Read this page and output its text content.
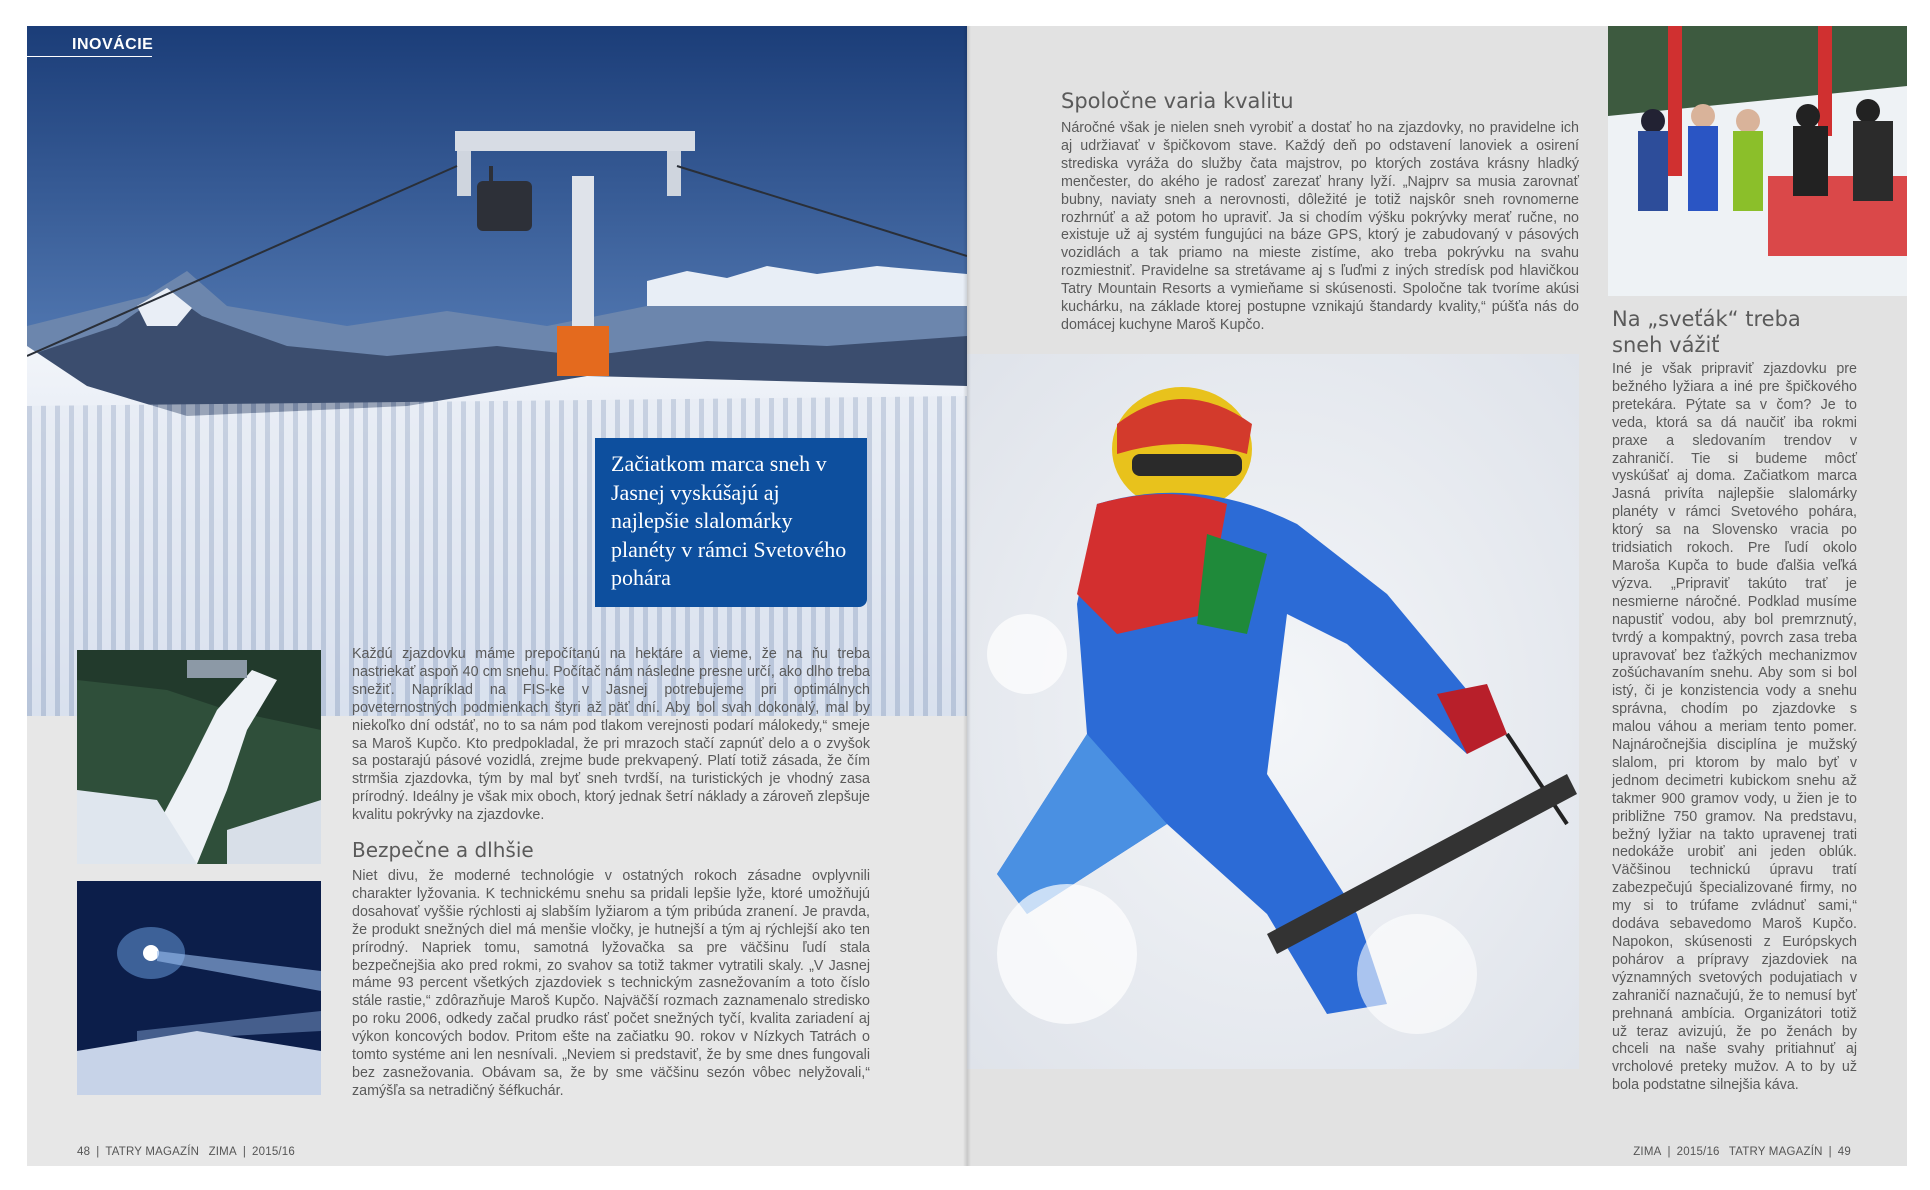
INOVÁCIE
Začiatkom marca sneh v Jasnej vyskúšajú aj najlepšie slalomárky planéty v rámci Svetového pohára

Každú zjazdovku máme prepočítanú na hektáre a vieme, že na ňu treba nastriekať aspoň 40 cm snehu. Počítač nám následne presne určí, ako dlho treba snežiť. Napríklad na FIS-ke v Jasnej potrebujeme pri optimálnych poveternostných podmienkach štyri až päť dní. Aby bol svah dokonalý, mal by niekoľko dní odstáť, no to sa nám pod tlakom verejnosti podarí málokedy,“ smeje sa Maroš Kupčo. Kto predpokladal, že pri mrazoch stačí zapnúť delo a o zvyšok sa postarajú pásové vozidlá, zrejme bude prekvapený. Platí totiž zásada, že čím strmšia zjazdovka, tým by mal byť sneh tvrdší, na turistických je vhodný zasa prírodný. Ideálny je však mix oboch, ktorý jednak šetrí náklady a zároveň zlepšuje kvalitu pokrývky na zjazdovke.

Bezpečne a dlhšie

Niet divu, že moderné technológie v ostatných rokoch zásadne ovplyvnili charakter lyžovania. K technickému snehu sa pridali lepšie lyže, ktoré umožňujú dosahovať vyššie rýchlosti aj slabším lyžiarom a tým pribúda zranení. Je pravda, že produkt snežných diel má menšie vločky, je hutnejší a tým aj rýchlejší ako ten prírodný. Napriek tomu, samotná lyžovačka sa pre väčšinu ľudí stala bezpečnejšia ako pred rokmi, zo svahov sa totiž takmer vytratili skaly. „V Jasnej máme 93 percent všetkých zjazdoviek s technickým zasnežovaním a toto číslo stále rastie,“ zdôrazňuje Maroš Kupčo. Najväčší rozmach zaznamenalo stredisko po roku 2006, odkedy začal prudko rásť počet snežných tyčí, kvalita zariadení aj výkon koncových bodov. Pritom ešte na začiatku 90. rokov v Nízkych Tatrách o tomto systéme ani len nesnívali. „Neviem si predstaviť, že by sme dnes fungovali bez zasnežovania. Obávam sa, že by sme väčšinu sezón vôbec nelyžovali,“ zamýšľa sa netradičný šéfkuchár.

48 | TATRY MAGAZÍN ZIMA | 2015/16
Spoločne varia kvalitu

Náročné však je nielen sneh vyrobiť a dostať ho na zjazdovky, no pravidelne ich aj udržiavať v špičkovom stave. Každý deň po odstavení lanoviek a osirení strediska vyráža do služby čata majstrov, po ktorých zostáva krásny hladký menčester, do akého je radosť zarezať hrany lyží. „Najprv sa musia zarovnať bubny, naviaty sneh a nerovnosti, dôležité je totiž najskôr sneh rovnomerne rozhrnúť a až potom ho upraviť. Ja si chodím výšku pokrývky merať ručne, no existuje už aj systém fungujúci na báze GPS, ktorý je zabudovaný v pásových vozidlách a tak priamo na mieste zistíme, ako treba pokrývku na svahu rozmiestniť. Pravidelne sa stretávame aj s ľuďmi z iných stredísk pod hlavičkou Tatry Mountain Resorts a vymieňame si skúsenosti. Spoločne tak tvoríme akúsi kuchárku, na základe ktorej postupne vznikajú štandardy kvality,“ púšťa nás do domácej kuchyne Maroš Kupčo.	Na „sveťák“ treba sneh vážiť

Iné je však pripraviť zjazdovku pre bežného lyžiara a iné pre špičkového pretekára. Pýtate sa v čom? Je to veda, ktorá sa dá naučiť iba rokmi praxe a sledovaním trendov v zahraničí. Tie si budeme môcť vyskúšať aj doma. Začiatkom marca Jasná privíta najlepšie slalomárky planéty v rámci Svetového pohára, ktorý sa na Slovensko vracia po tridsiatich rokoch. Pre ľudí okolo Maroša Kupča to bude ďalšia veľká výzva. „Pripraviť takúto trať je nesmierne náročné. Podklad musíme napustiť vodou, aby bol premrznutý, tvrdý a kompaktný, povrch zasa treba upravovať bez ťažkých mechanizmov zošúchavaním snehu. Aby som si bol istý, či je konzistencia vody a snehu správna, chodím po zjazdovke s malou váhou a meriam tento pomer. Najnáročnejšia disciplína je mužský slalom, pri ktorom by malo byť v jednom decimetri kubickom snehu až takmer 900 gramov vody, u žien je to približne 750 gramov. Na predstavu, bežný lyžiar na takto upravenej trati nedokáže urobiť ani jeden oblúk. Väčšinou technickú úpravu tratí zabezpečujú špecializované firmy, no my si to trúfame zvládnuť sami,“ dodáva sebavedomo Maroš Kupčo. Napokon, skúsenosti z Európskych pohárov a prípravy zjazdoviek na významných svetových podujatiach v zahraničí naznačujú, že to nemusí byť prehnaná ambícia. Organizátori totiž už teraz avizujú, že po ženách by chceli na naše svahy pritiahnuť aj vrcholové preteky mužov. A to by už bola podstatne silnejšia káva.

ZIMA | 2015/16 TATRY MAGAZÍN | 49
